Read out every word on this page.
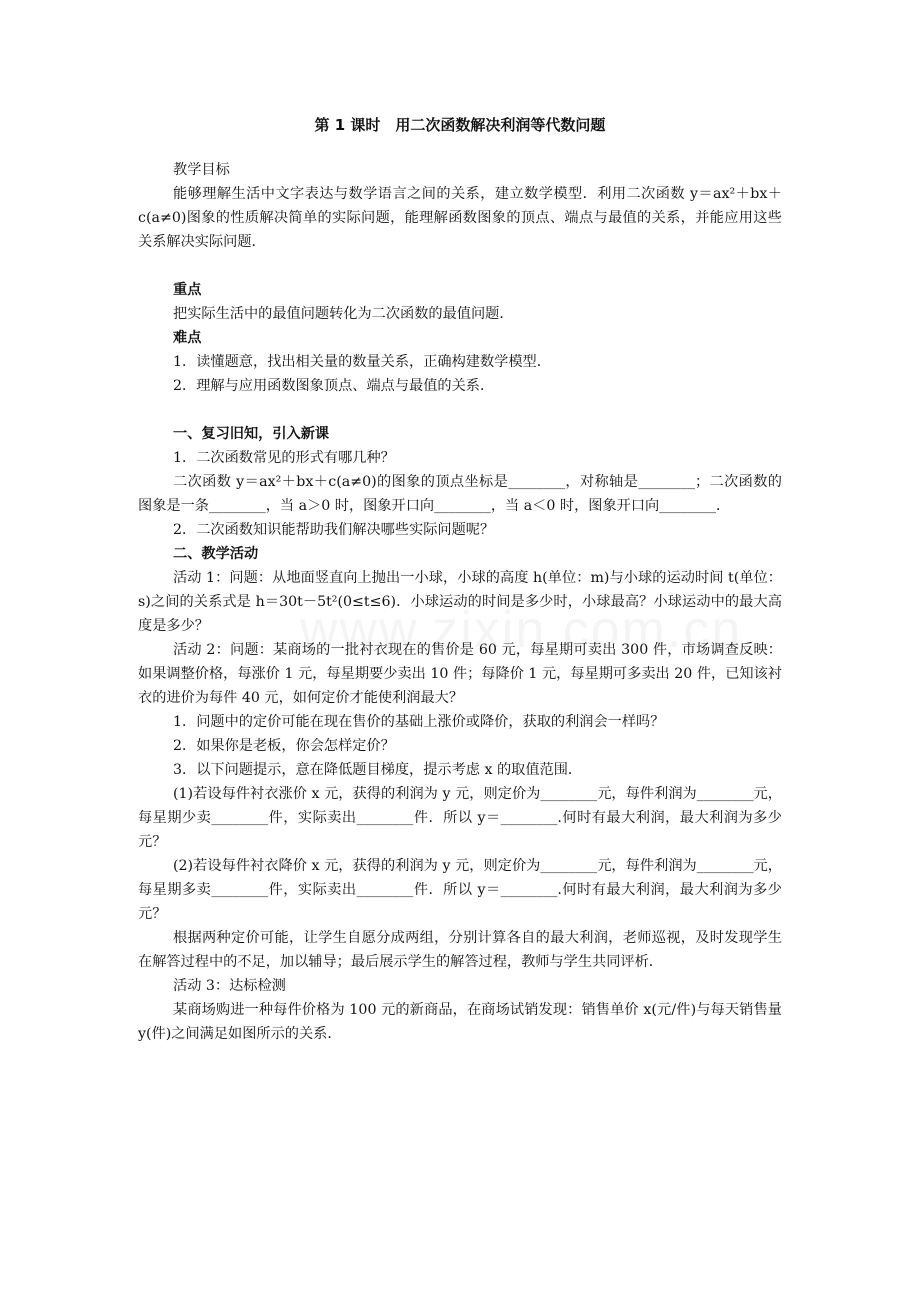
第 1 课时　用二次函数解决利润等代数问题

教学目标

能够理解生活中文字表达与数学语言之间的关系，建立数学模型．利用二次函数 y＝ax²＋bx＋c(a≠0)图象的性质解决简单的实际问题，能理解函数图象的顶点、端点与最值的关系，并能应用这些关系解决实际问题．

重点

把实际生活中的最值问题转化为二次函数的最值问题．

难点

1．读懂题意，找出相关量的数量关系，正确构建数学模型．

2．理解与应用函数图象顶点、端点与最值的关系．

一、复习旧知，引入新课

1．二次函数常见的形式有哪几种？

二次函数 y＝ax²＋bx＋c(a≠0)的图象的顶点坐标是________，对称轴是________；二次函数的图象是一条________，当 a＞0 时，图象开口向________，当 a＜0 时，图象开口向________．

2．二次函数知识能帮助我们解决哪些实际问题呢？

二、教学活动

活动 1：问题：从地面竖直向上抛出一小球，小球的高度 h(单位：m)与小球的运动时间 t(单位：s)之间的关系式是 h＝30t－5t²(0≤t≤6)．小球运动的时间是多少时，小球最高？小球运动中的最大高度是多少？

活动 2：问题：某商场的一批衬衣现在的售价是 60 元，每星期可卖出 300 件，市场调查反映：如果调整价格，每涨价 1 元，每星期要少卖出 10 件；每降价 1 元，每星期可多卖出 20 件，已知该衬衣的进价为每件 40 元，如何定价才能使利润最大？

1．问题中的定价可能在现在售价的基础上涨价或降价，获取的利润会一样吗？

2．如果你是老板，你会怎样定价？

3．以下问题提示，意在降低题目梯度，提示考虑 x 的取值范围．

(1)若设每件衬衣涨价 x 元，获得的利润为 y 元，则定价为________元，每件利润为________元，每星期少卖________件，实际卖出________件．所以 y＝________.何时有最大利润，最大利润为多少元？

(2)若设每件衬衣降价 x 元，获得的利润为 y 元，则定价为________元，每件利润为________元，每星期多卖________件，实际卖出________件．所以 y＝________.何时有最大利润，最大利润为多少元？

根据两种定价可能，让学生自愿分成两组，分别计算各自的最大利润，老师巡视，及时发现学生在解答过程中的不足，加以辅导；最后展示学生的解答过程，教师与学生共同评析．

活动 3：达标检测

某商场购进一种每件价格为 100 元的新商品，在商场试销发现：销售单价 x(元/件)与每天销售量 y(件)之间满足如图所示的关系．
